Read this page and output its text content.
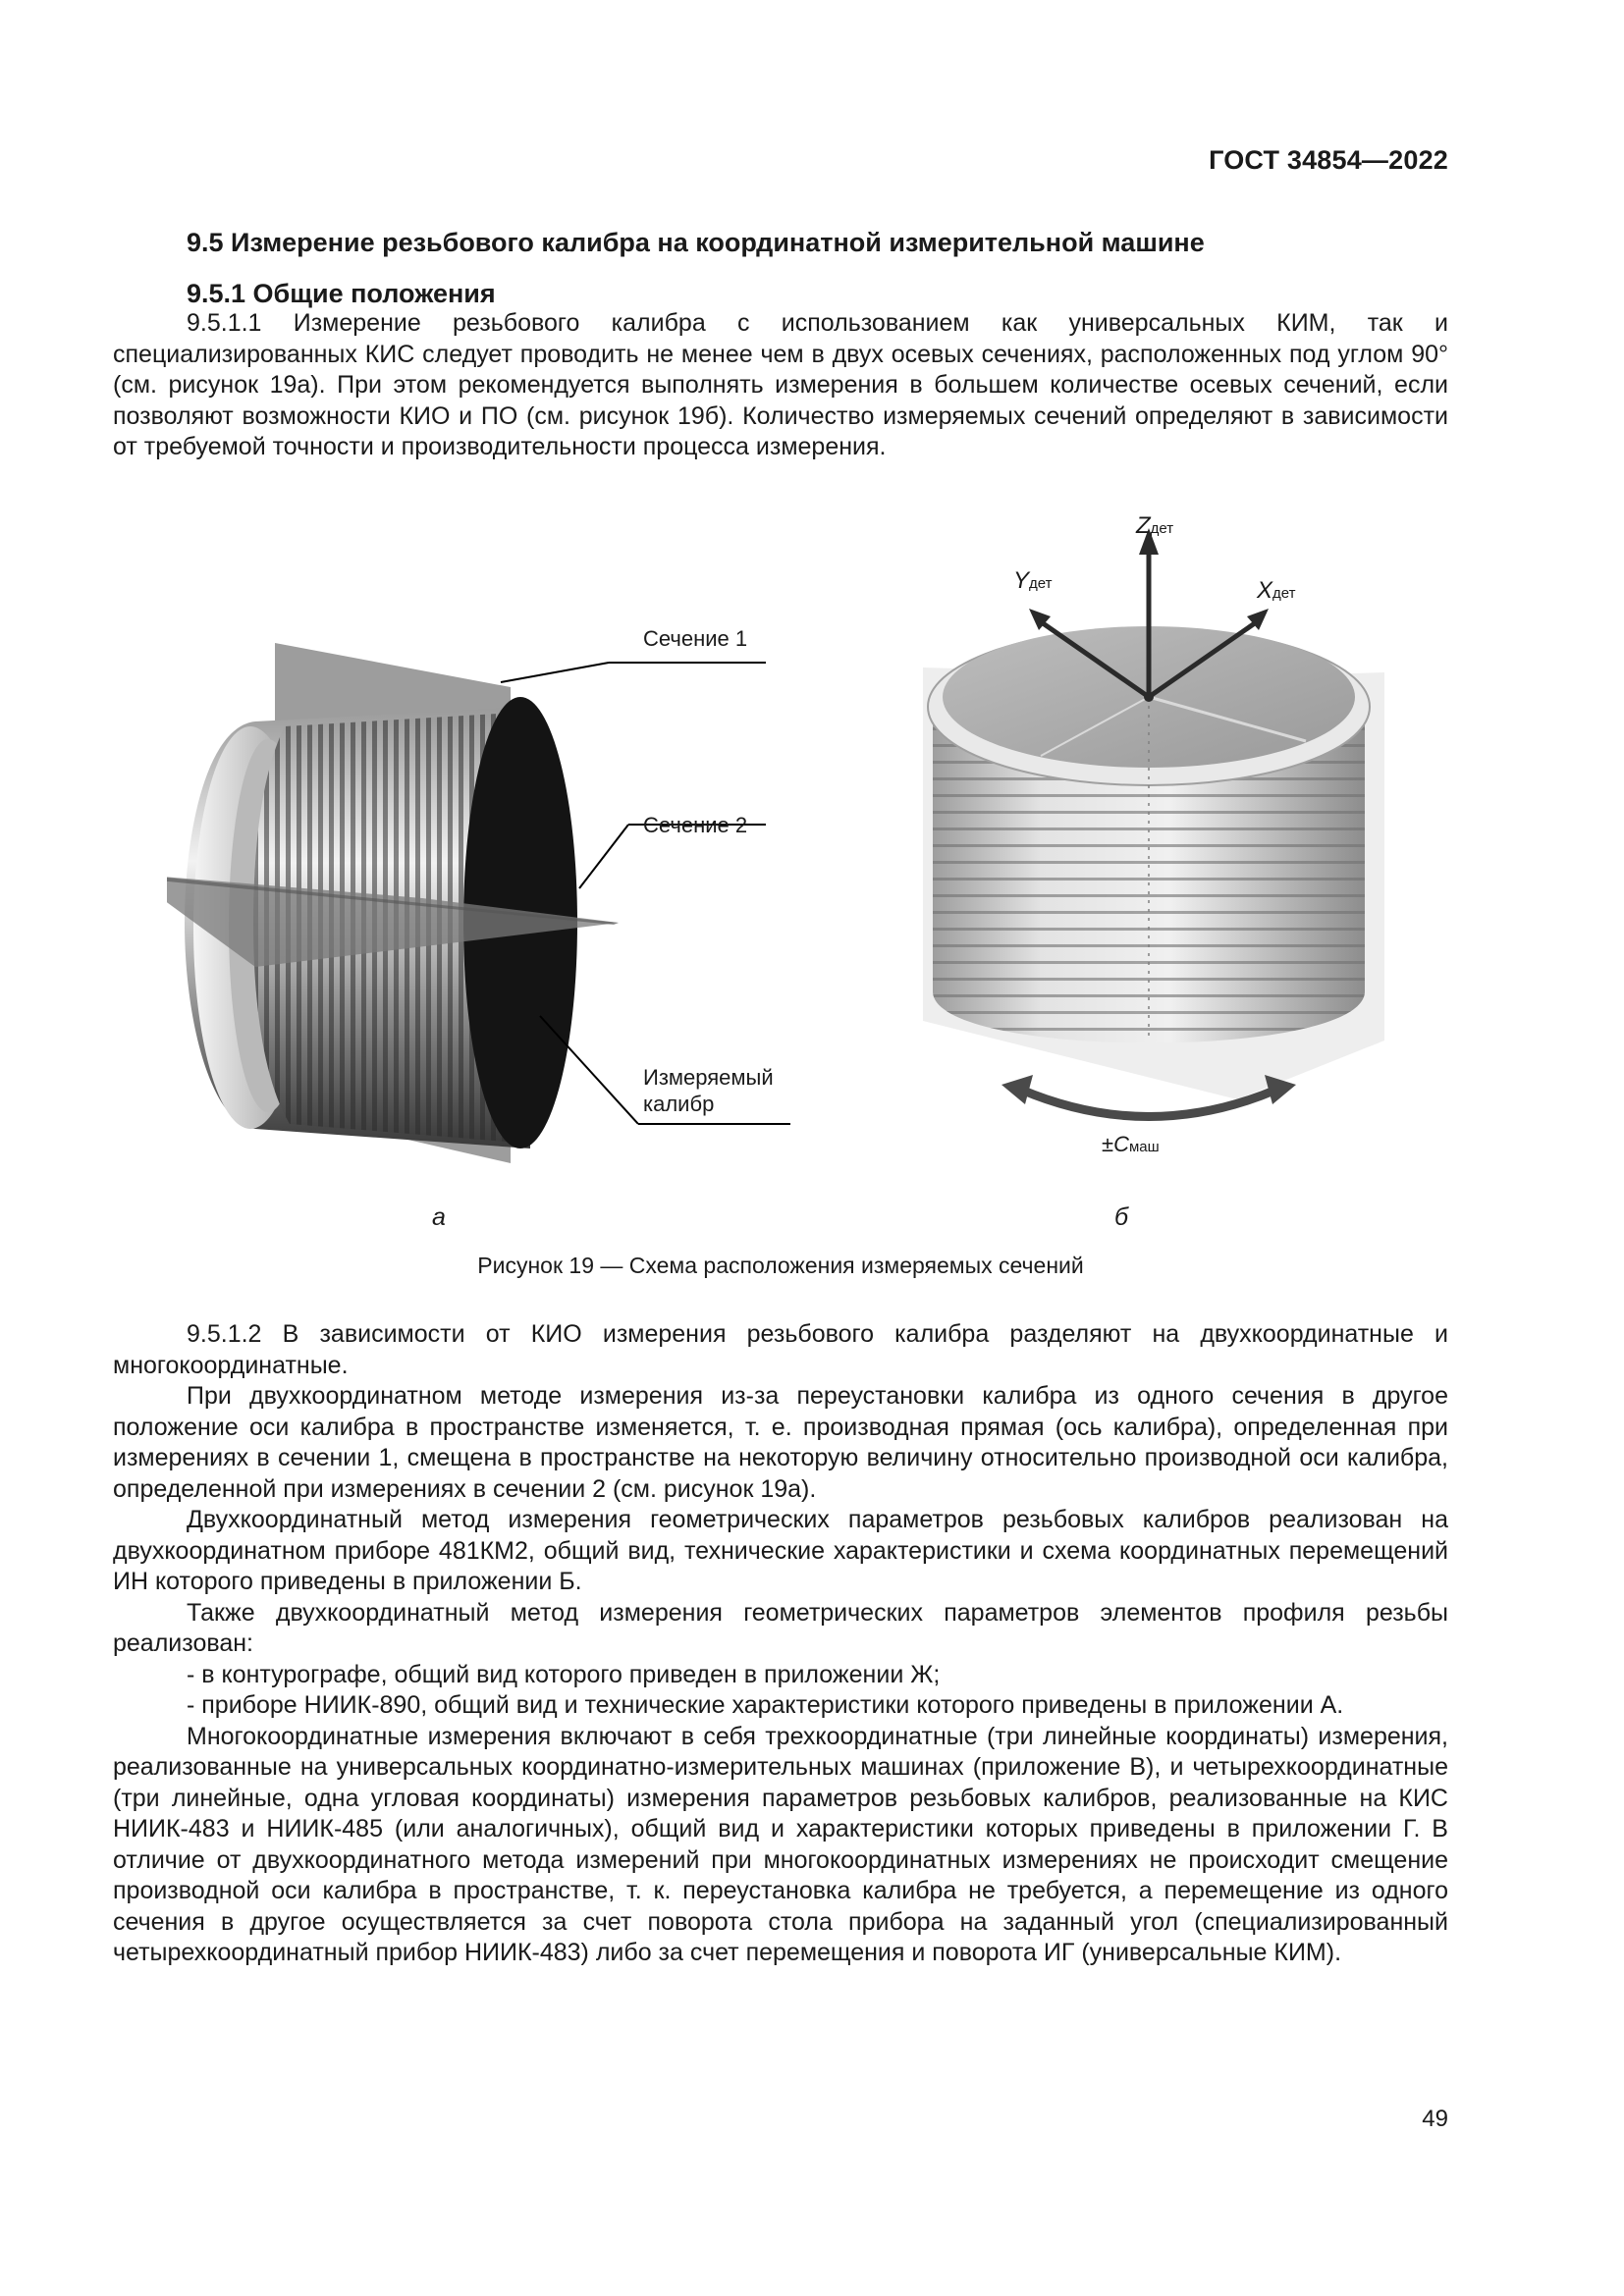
ГОСТ 34854—2022
9.5 Измерение резьбового калибра на координатной измерительной машине
9.5.1 Общие положения

9.5.1.1 Измерение резьбового калибра с использованием как универсальных КИМ, так и специализированных КИС следует проводить не менее чем в двух осевых сечениях, расположенных под углом 90° (см. рисунок 19а). При этом рекомендуется выполнять измерения в большем количестве осевых сечений, если позволяют возможности КИО и ПО (см. рисунок 19б). Количество измеряемых сечений определяют в зависимости от требуемой точности и производительности процесса измерения.

Сечение 1
Сечение 2
Измеряемый
калибр
Zдет
Yдет	Xдет
±Cмаш
а	б
Рисунок 19 — Схема расположения измеряемых сечений

9.5.1.2 В зависимости от КИО измерения резьбового калибра разделяют на двухкоординатные и многокоординатные.

При двухкоординатном методе измерения из-за переустановки калибра из одного сечения в другое положение оси калибра в пространстве изменяется, т. е. производная прямая (ось калибра), определенная при измерениях в сечении 1, смещена в пространстве на некоторую величину относительно производной оси калибра, определенной при измерениях в сечении 2 (см. рисунок 19а).

Двухкоординатный метод измерения геометрических параметров резьбовых калибров реализован на двухкоординатном приборе 481КМ2, общий вид, технические характеристики и схема координатных перемещений ИН которого приведены в приложении Б.

Также двухкоординатный метод измерения геометрических параметров элементов профиля резьбы реализован:

- в контурографе, общий вид которого приведен в приложении Ж;

- приборе НИИК-890, общий вид и технические характеристики которого приведены в приложении А.

Многокоординатные измерения включают в себя трехкоординатные (три линейные координаты) измерения, реализованные на универсальных координатно-измерительных машинах (приложение В), и четырехкоординатные (три линейные, одна угловая координаты) измерения параметров резьбовых калибров, реализованные на КИС НИИК-483 и НИИК-485 (или аналогичных), общий вид и характеристики которых приведены в приложении Г. В отличие от двухкоординатного метода измерений при многокоординатных измерениях не происходит смещение производной оси калибра в пространстве, т. к. переустановка калибра не требуется, а перемещение из одного сечения в другое осуществляется за счет поворота стола прибора на заданный угол (специализированный четырехкоординатный прибор НИИК-483) либо за счет перемещения и поворота ИГ (универсальные КИМ).

49
